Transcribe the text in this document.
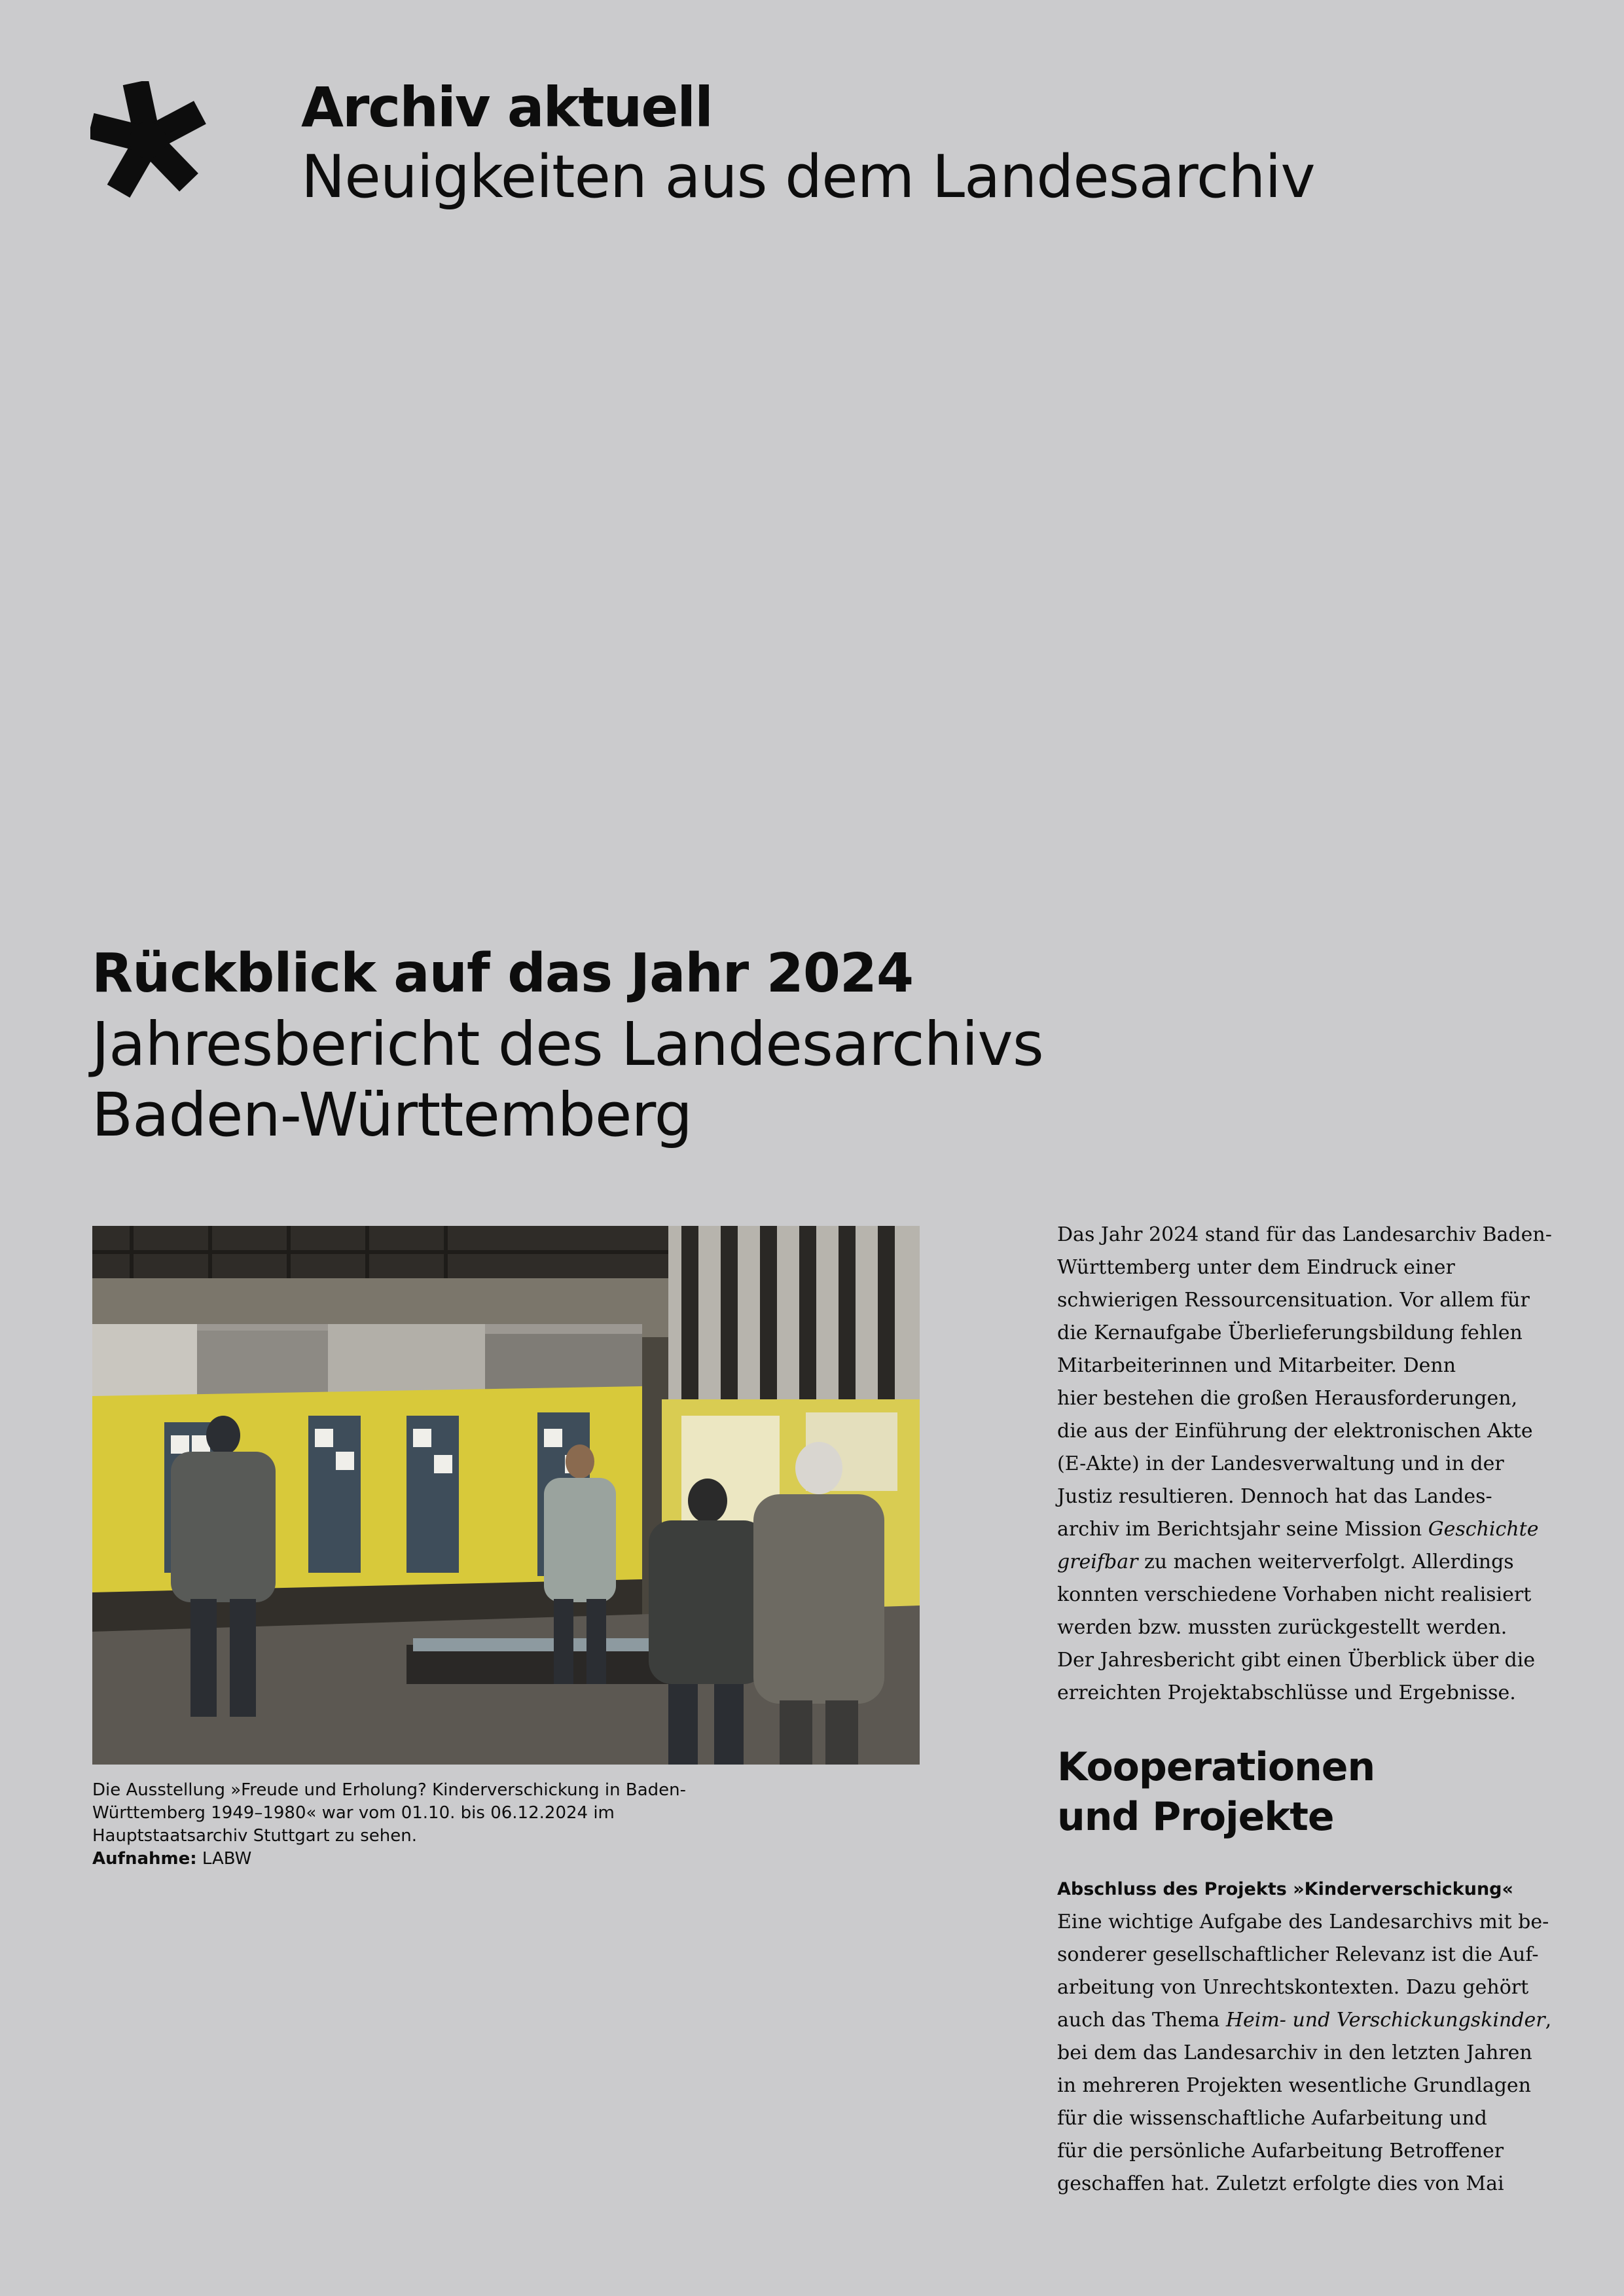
Archiv aktuell

Neuigkeiten aus dem Landesarchiv

Rückblick auf das Jahr 2024

Jahresbericht des Landesarchivs Baden-Württemberg

Die Ausstellung »Freude und Erholung? Kinderverschickung in Baden-Württemberg 1949–1980« war vom 01.10. bis 06.12.2024 im Hauptstaatsarchiv Stuttgart zu sehen.
Aufnahme: LABW

Das Jahr 2024 stand für das Landesarchiv Baden-
Württemberg unter dem Eindruck einer
schwierigen Ressourcensituation. Vor allem für
die Kernaufgabe Überlieferungsbildung fehlen
Mitarbeiterinnen und Mitarbeiter. Denn
hier bestehen die großen Herausforderungen,
die aus der Einführung der elektronischen Akte
(E-Akte) in der Landesverwaltung und in der
Justiz resultieren. Dennoch hat das Landes-
archiv im Berichtsjahr seine Mission Geschichte
greifbar zu machen weiterverfolgt. Allerdings
konnten verschiedene Vorhaben nicht realisiert
werden bzw. mussten zurückgestellt werden.
Der Jahresbericht gibt einen Überblick über die
erreichten Projektabschlüsse und Ergebnisse.

Kooperationen
und Projekte
Abschluss des Projekts »Kinderverschickung«

Eine wichtige Aufgabe des Landesarchivs mit be-
sonderer gesellschaftlicher Relevanz ist die Auf-
arbeitung von Unrechtskontexten. Dazu gehört
auch das Thema Heim- und Verschickungskinder,
bei dem das Landesarchiv in den letzten Jahren
in mehreren Projekten wesentliche Grundlagen
für die wissenschaftliche Aufarbeitung und
für die persönliche Aufarbeitung Betroffener
geschaffen hat. Zuletzt erfolgte dies von Mai
